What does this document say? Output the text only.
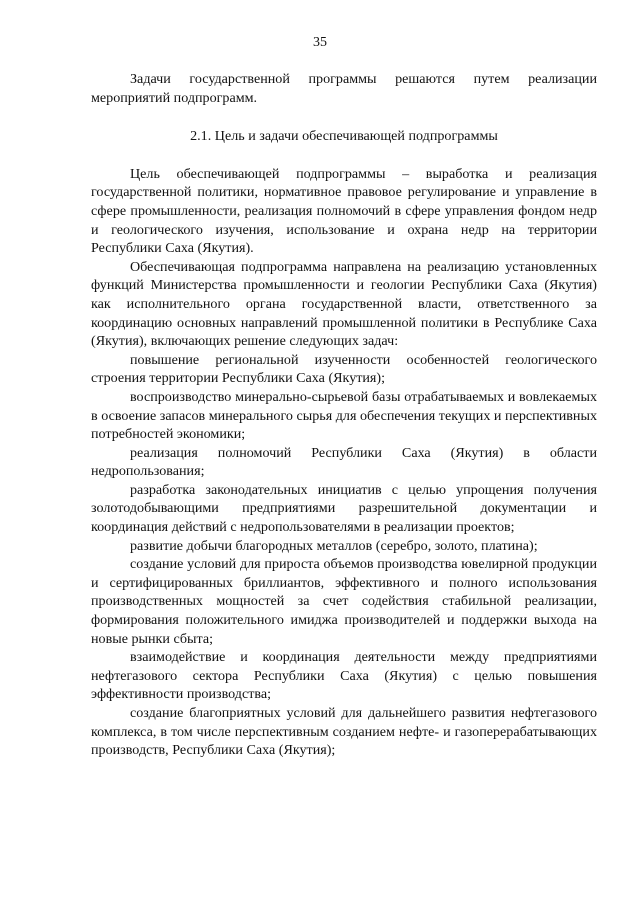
35

Задачи государственной программы решаются путем реализации мероприятий подпрограмм.

2.1. Цель и задачи обеспечивающей подпрограммы

Цель обеспечивающей подпрограммы – выработка и реализация государственной политики, нормативное правовое регулирование и управление в сфере промышленности, реализация полномочий в сфере управления фондом недр и геологического изучения, использование и охрана недр на территории Республики Саха (Якутия).

Обеспечивающая подпрограмма направлена на реализацию установленных функций Министерства промышленности и геологии Республики Саха (Якутия) как исполнительного органа государственной власти, ответственного за координацию основных направлений промышленной политики в Республике Саха (Якутия), включающих решение следующих задач:

повышение региональной изученности особенностей геологического строения территории Республики Саха (Якутия);

воспроизводство минерально-сырьевой базы отрабатываемых и вовлекаемых в освоение запасов минерального сырья для обеспечения текущих и перспективных потребностей экономики;

реализация полномочий Республики Саха (Якутия) в области недропользования;

разработка законодательных инициатив с целью упрощения получения золотодобывающими предприятиями разрешительной документации и координация действий с недропользователями в реализации проектов;

развитие добычи благородных металлов (серебро, золото, платина);

создание условий для прироста объемов производства ювелирной продукции и сертифицированных бриллиантов, эффективного и полного использования производственных мощностей за счет содействия стабильной реализации, формирования положительного имиджа производителей и поддержки выхода на новые рынки сбыта;

взаимодействие и координация деятельности между предприятиями нефтегазового сектора Республики Саха (Якутия) с целью повышения эффективности производства;

создание благоприятных условий для дальнейшего развития нефтегазового комплекса, в том числе перспективным созданием нефте- и газоперерабатывающих производств, Республики Саха (Якутия);
